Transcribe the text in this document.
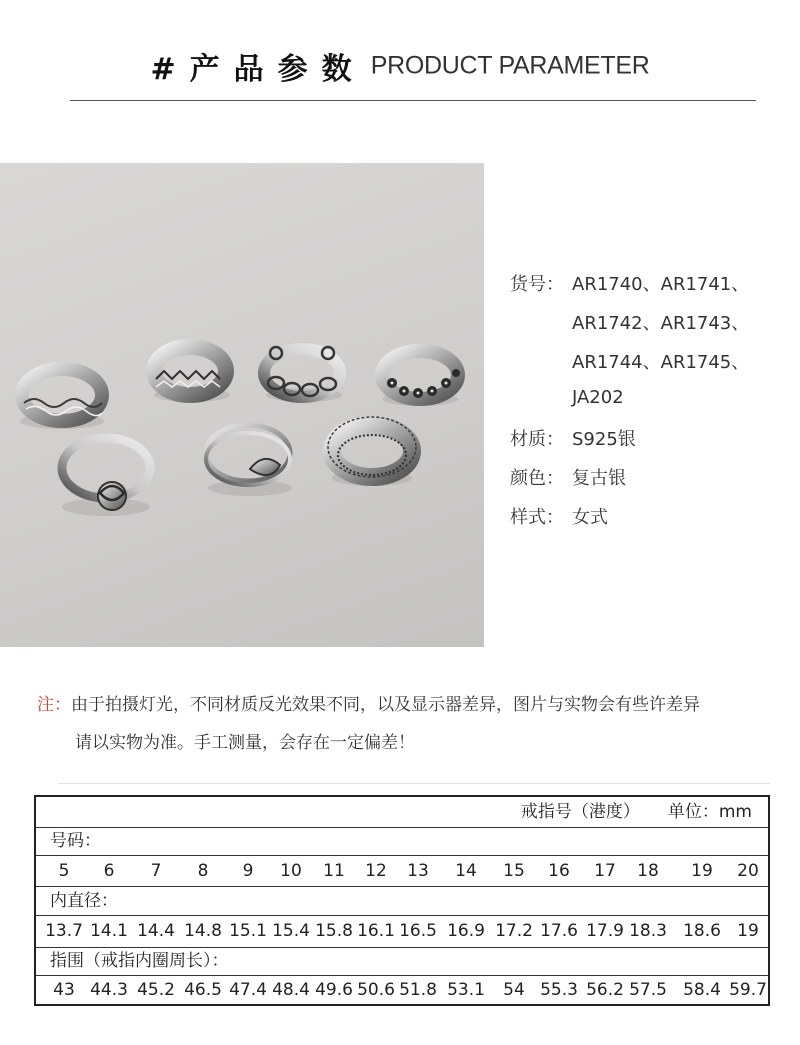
#产品参数 PRODUCT PARAMETER
货号： AR1740、AR1741、
AR1742、AR1743、
AR1744、AR1745、
JA202
材质： S925银
颜色： 复古银
样式： 女式
注：由于拍摄灯光，不同材质反光效果不同，以及显示器差异，图片与实物会有些许差异
请以实物为准。手工测量，会存在一定偏差！
戒指号（港度） 单位：mm
号码：
5	6	7	8	9	10	11	12	13	14	15	16	17	18	19	20
内直径：
13.7 14.1 14.4 14.8 15.1 15.4 15.8 16.1 16.5 16.9 17.2 17.6 17.9 18.3 18.6 19
指围（戒指内圈周长）：
43 44.3 45.2 46.5 47.4 48.4 49.6 50.6 51.8 53.1	54 55.3 56.2 57.5 58.4 59.7
